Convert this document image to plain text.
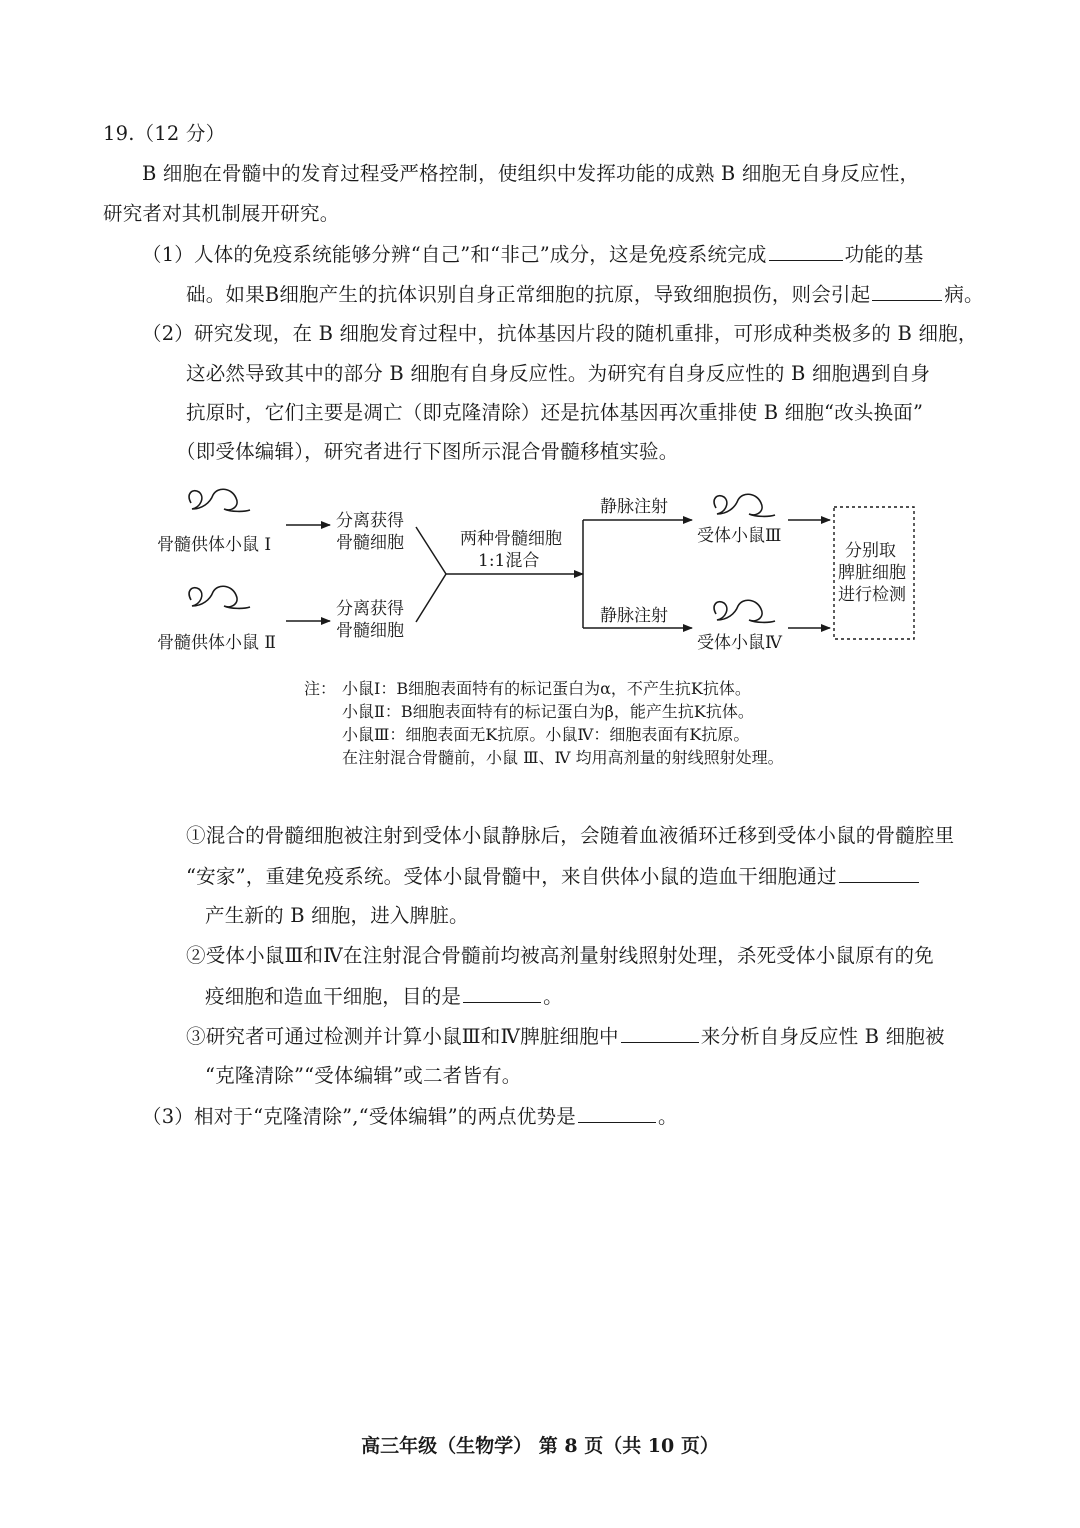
19.（12 分）
B 细胞在骨髓中的发育过程受严格控制，使组织中发挥功能的成熟 B 细胞无自身反应性，
研究者对其机制展开研究。
（1）人体的免疫系统能够分辨“自己”和“非己”成分，这是免疫系统完成	功能的基
础。如果B细胞产生的抗体识别自身正常细胞的抗原，导致细胞损伤，则会引起	病。
（2）研究发现，在 B 细胞发育过程中，抗体基因片段的随机重排，可形成种类极多的 B 细胞，
这必然导致其中的部分 B 细胞有自身反应性。为研究有自身反应性的 B 细胞遇到自身
抗原时，它们主要是凋亡（即克隆清除）还是抗体基因再次重排使 B 细胞“改头换面”
（即受体编辑），研究者进行下图所示混合骨髓移植实验。
骨髓供体小鼠 Ⅰ
骨髓供体小鼠 Ⅱ
分离获得
骨髓细胞
分离获得
骨髓细胞
两种骨髓细胞
1:1混合
静脉注射
静脉注射
受体小鼠Ⅲ
受体小鼠Ⅳ
分别取
脾脏细胞
进行检测
注： 小鼠Ⅰ：B细胞表面特有的标记蛋白为α，不产生抗K抗体。
小鼠Ⅱ：B细胞表面特有的标记蛋白为β，能产生抗K抗体。
小鼠Ⅲ：细胞表面无K抗原。小鼠Ⅳ：细胞表面有K抗原。
在注射混合骨髓前，小鼠 Ⅲ、Ⅳ 均用高剂量的射线照射处理。
①混合的骨髓细胞被注射到受体小鼠静脉后，会随着血液循环迁移到受体小鼠的骨髓腔里
“安家”，重建免疫系统。受体小鼠骨髓中，来自供体小鼠的造血干细胞通过
产生新的 B 细胞，进入脾脏。
②受体小鼠Ⅲ和Ⅳ在注射混合骨髓前均被高剂量射线照射处理，杀死受体小鼠原有的免
疫细胞和造血干细胞，目的是	。
③研究者可通过检测并计算小鼠Ⅲ和Ⅳ脾脏细胞中	来分析自身反应性 B 细胞被
“克隆清除”“受体编辑”或二者皆有。
（3）相对于“克隆清除”,“受体编辑”的两点优势是	。
高三年级（生物学） 第 8 页（共 10 页）
